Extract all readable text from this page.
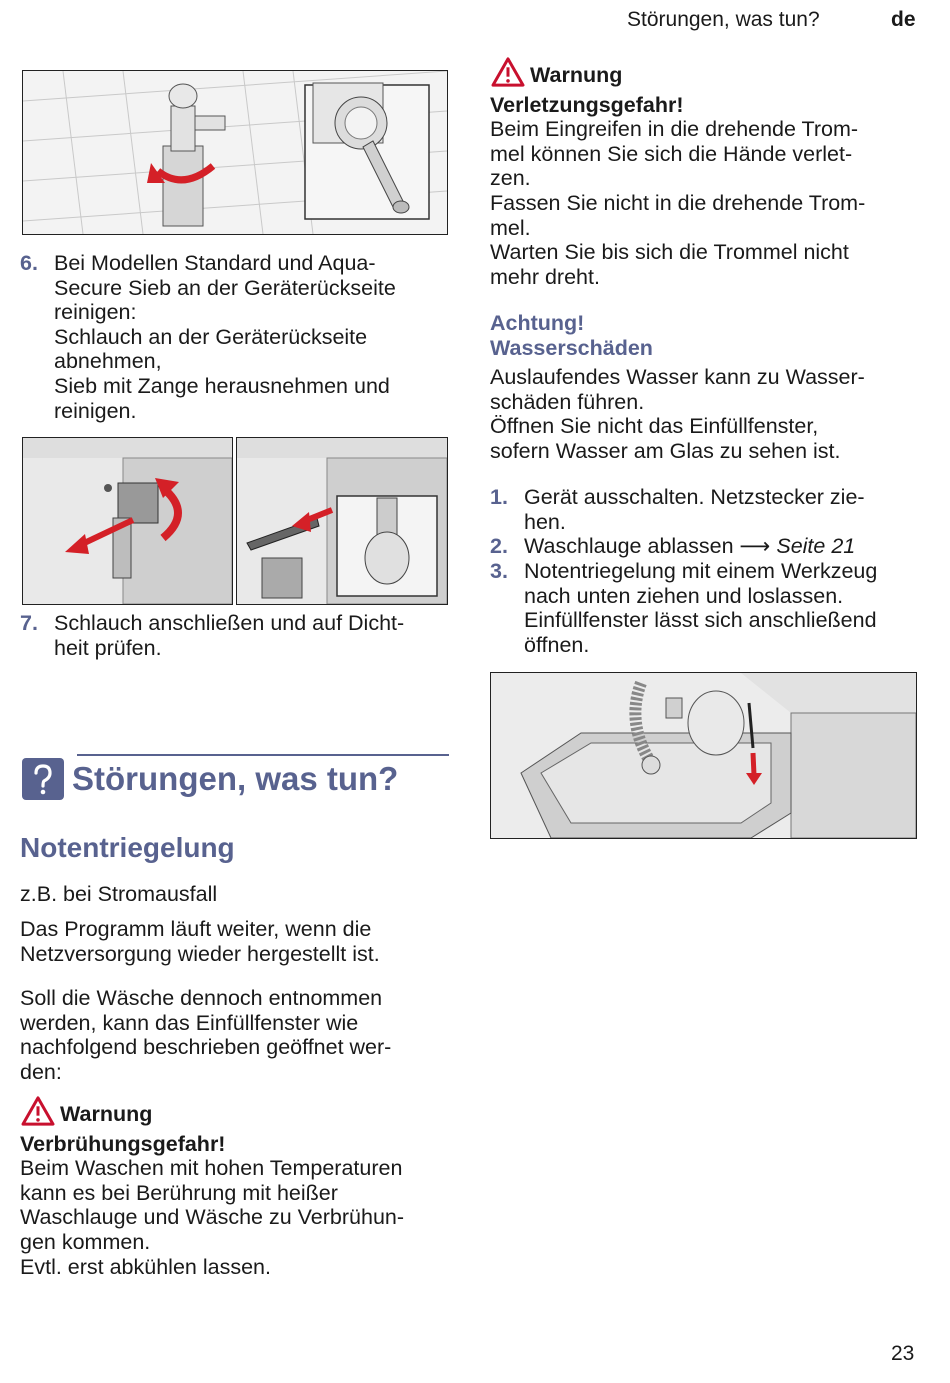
Störungen, was tun?	de
6. Bei Modellen Standard und Aqua-
Secure Sieb an der Geräterückseite
reinigen:
Schlauch an der Geräterückseite
abnehmen,
Sieb mit Zange herausnehmen und
reinigen.
7. Schlauch anschließen und auf Dicht-
heit prüfen.
Störungen, was tun?
Notentriegelung
z.B. bei Stromausfall
Das Programm läuft weiter, wenn die
Netzversorgung wieder hergestellt ist.
Soll die Wäsche dennoch entnommen
werden, kann das Einfüllfenster wie
nachfolgend beschrieben geöffnet wer-
den:
Warnung
Verbrühungsgefahr!
Beim Waschen mit hohen Temperaturen
kann es bei Berührung mit heißer
Waschlauge und Wäsche zu Verbrühun-
gen kommen.
Evtl. erst abkühlen lassen.
Warnung
Verletzungsgefahr!
Beim Eingreifen in die drehende Trom-
mel können Sie sich die Hände verlet-
zen.
Fassen Sie nicht in die drehende Trom-
mel.
Warten Sie bis sich die Trommel nicht
mehr dreht.
Achtung!
Wasserschäden
Auslaufendes Wasser kann zu Wasser-
schäden führen.
Öffnen Sie nicht das Einfüllfenster,
sofern Wasser am Glas zu sehen ist.
1. Gerät ausschalten. Netzstecker zie-
hen.
2. Waschlauge ablassen ⟶ Seite 21
3. Notentriegelung mit einem Werkzeug
nach unten ziehen und loslassen.
Einfüllfenster lässt sich anschließend
öffnen.
23
